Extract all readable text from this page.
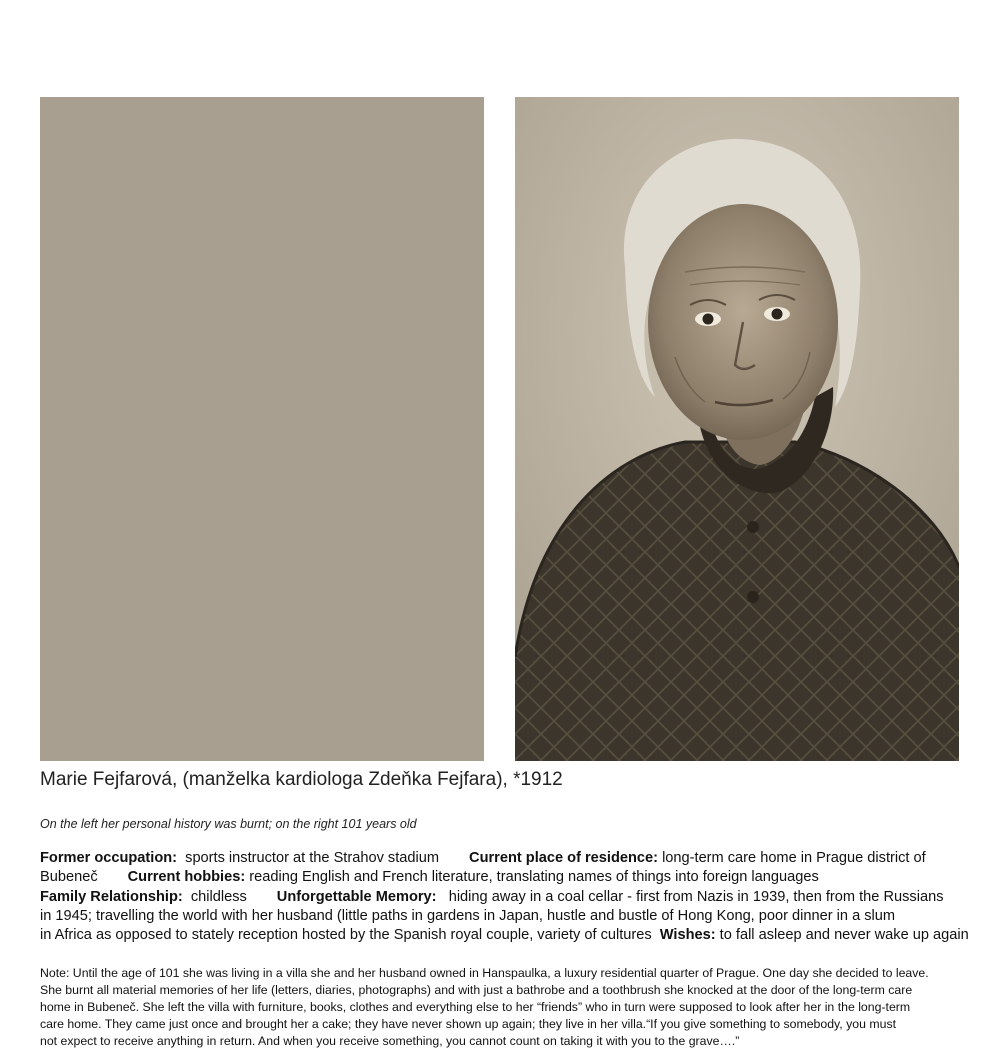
Marie Fejfarová, (manželka kardiologa Zdeňka Fejfara), *1912
On the left her personal history was burnt; on the right 101 years old
Former occupation: sports instructor at the Strahov stadium Current place of residence: long-term care home in Prague district of
Bubeneč Current hobbies: reading English and French literature, translating names of things into foreign languages
Family Relationship: childless Unforgettable Memory: hiding away in a coal cellar - first from Nazis in 1939, then from the Russians
in 1945; travelling the world with her husband (little paths in gardens in Japan, hustle and bustle of Hong Kong, poor dinner in a slum
in Africa as opposed to stately reception hosted by the Spanish royal couple, variety of cultures Wishes: to fall asleep and never wake up again
Note: Until the age of 101 she was living in a villa she and her husband owned in Hanspaulka, a luxury residential quarter of Prague. One day she decided to leave.
She burnt all material memories of her life (letters, diaries, photographs) and with just a bathrobe and a toothbrush she knocked at the door of the long-term care
home in Bubeneč. She left the villa with furniture, books, clothes and everything else to her “friends” who in turn were supposed to look after her in the long-term
care home. They came just once and brought her a cake; they have never shown up again; they live in her villa.“If you give something to somebody, you must
not expect to receive anything in return. And when you receive something, you cannot count on taking it with you to the grave….”
